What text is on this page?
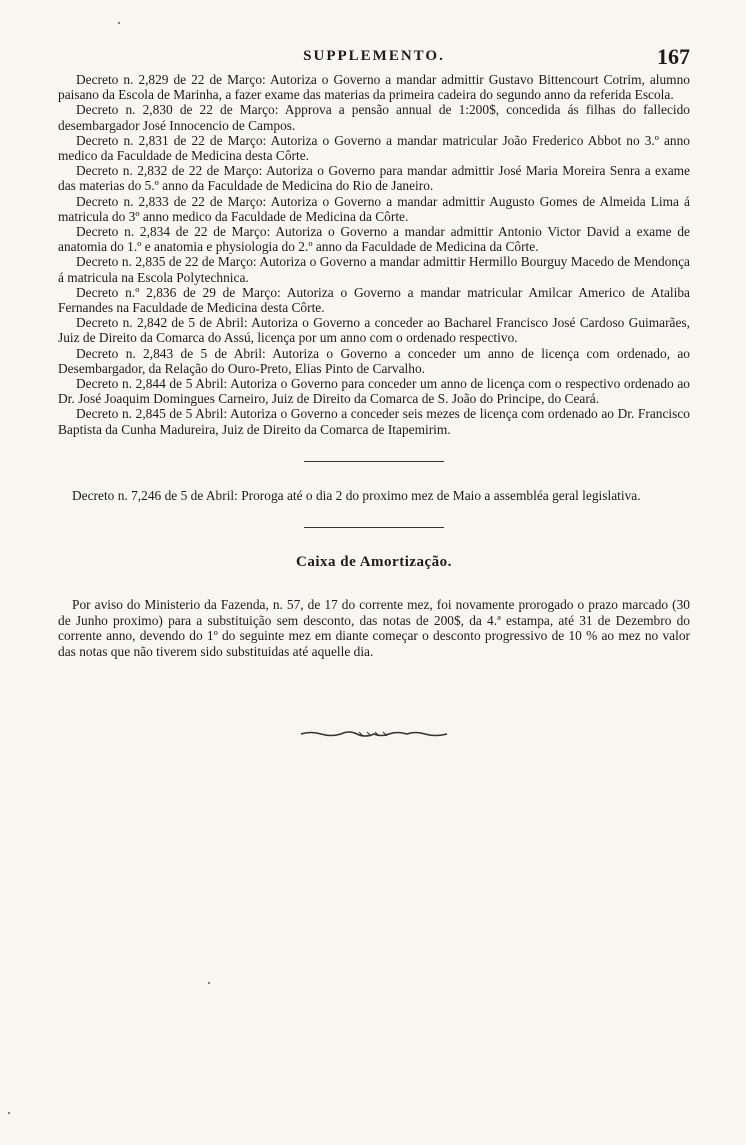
SUPPLEMENTO.	167

Decreto n. 2,829 de 22 de Março: Autoriza o Governo a mandar admittir Gustavo Bittencourt Cotrim, alumno paisano da Escola de Marinha, a fazer exame das materias da primeira cadeira do segundo anno da referida Escola.

Decreto n. 2,830 de 22 de Março: Approva a pensão annual de 1:200$, concedida ás filhas do fallecido desembargador José Innocencio de Campos.

Decreto n. 2,831 de 22 de Março: Autoriza o Governo a mandar matricular João Frederico Abbot no 3.º anno medico da Faculdade de Medicina desta Côrte.

Decreto n. 2,832 de 22 de Março: Autoriza o Governo para mandar admittir José Maria Moreira Senra a exame das materias do 5.º anno da Faculdade de Medicina do Rio de Janeiro.

Decreto n. 2,833 de 22 de Março: Autoriza o Governo a mandar admittir Augusto Gomes de Almeida Lima á matricula do 3º anno medico da Faculdade de Medicina da Côrte.

Decreto n. 2,834 de 22 de Março: Autoriza o Governo a mandar admittir Antonio Victor David a exame de anatomia do 1.º e anatomia e physiologia do 2.º anno da Faculdade de Medicina da Côrte.

Decreto n. 2,835 de 22 de Março: Autoriza o Governo a mandar admittir Hermillo Bourguy Macedo de Mendonça á matricula na Escola Polytechnica.

Decreto n.º 2,836 de 29 de Março: Autoriza o Governo a mandar matricular Amilcar Americo de Ataliba Fernandes na Faculdade de Medicina desta Côrte.

Decreto n. 2,842 de 5 de Abril: Autoriza o Governo a conceder ao Bacharel Francisco José Cardoso Guimarães, Juiz de Direito da Comarca do Assú, licença por um anno com o ordenado respectivo.

Decreto n. 2,843 de 5 de Abril: Autoriza o Governo a conceder um anno de licença com ordenado, ao Desembargador, da Relação do Ouro-Preto, Elias Pinto de Carvalho.

Decreto n. 2,844 de 5 Abril: Autoriza o Governo para conceder um anno de licença com o respectivo ordenado ao Dr. José Joaquim Domingues Carneiro, Juiz de Direito da Comarca de S. João do Principe, do Ceará.

Decreto n. 2,845 de 5 Abril: Autoriza o Governo a conceder seis mezes de licença com ordenado ao Dr. Francisco Baptista da Cunha Madureira, Juiz de Direito da Comarca de Itapemirim.

Decreto n. 7,246 de 5 de Abril: Proroga até o dia 2 do proximo mez de Maio a assembléa geral legislativa.

Caixa de Amortização.

Por aviso do Ministerio da Fazenda, n. 57, de 17 do corrente mez, foi novamente prorogado o prazo marcado (30 de Junho proximo) para a substituição sem desconto, das notas de 200$, da 4.ª estampa, até 31 de Dezembro do corrente anno, devendo do 1º do seguinte mez em diante começar o desconto progressivo de 10 % ao mez no valor das notas que não tiverem sido substituidas até aquelle dia.
